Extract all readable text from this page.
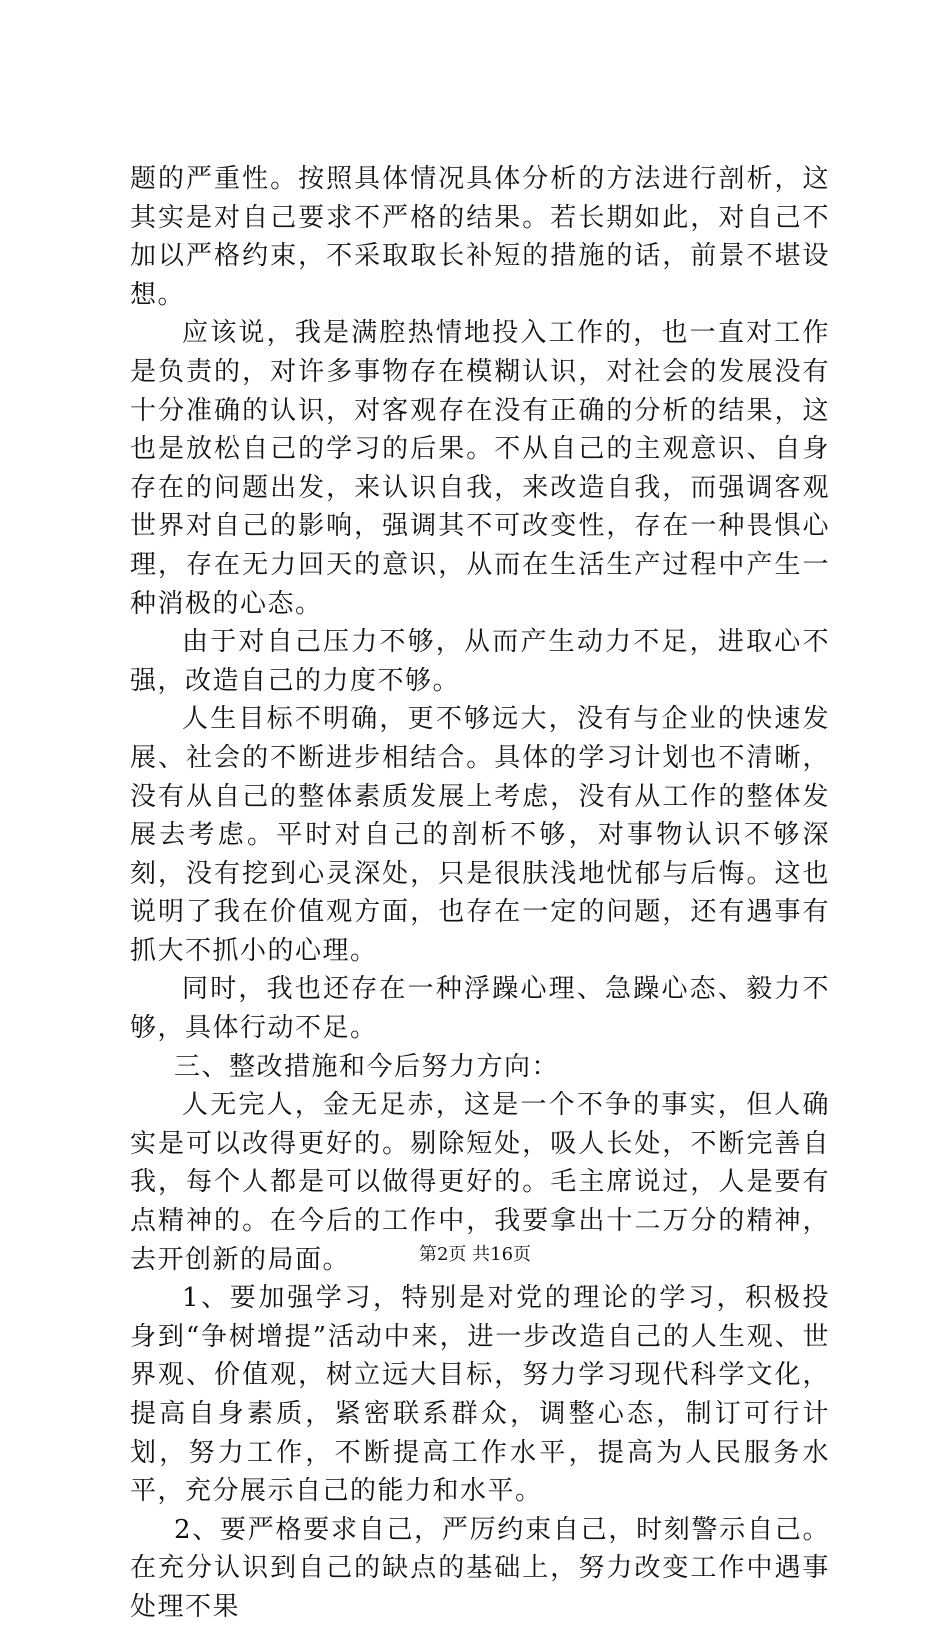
题的严重性。按照具体情况具体分析的方法进行剖析，这其实是对自己要求不严格的结果。若长期如此，对自己不加以严格约束，不采取取长补短的措施的话，前景不堪设想。

应该说，我是满腔热情地投入工作的，也一直对工作是负责的，对许多事物存在模糊认识，对社会的发展没有十分准确的认识，对客观存在没有正确的分析的结果，这也是放松自己的学习的后果。不从自己的主观意识、自身存在的问题出发，来认识自我，来改造自我，而强调客观世界对自己的影响，强调其不可改变性，存在一种畏惧心理，存在无力回天的意识，从而在生活生产过程中产生一种消极的心态。

由于对自己压力不够，从而产生动力不足，进取心不强，改造自己的力度不够。

人生目标不明确，更不够远大，没有与企业的快速发展、社会的不断进步相结合。具体的学习计划也不清晰，没有从自己的整体素质发展上考虑，没有从工作的整体发展去考虑。平时对自己的剖析不够，对事物认识不够深刻，没有挖到心灵深处，只是很肤浅地忧郁与后悔。这也说明了我在价值观方面，也存在一定的问题，还有遇事有抓大不抓小的心理。

同时，我也还存在一种浮躁心理、急躁心态、毅力不够，具体行动不足。

三、整改措施和今后努力方向：

人无完人，金无足赤，这是一个不争的事实，但人确实是可以改得更好的。剔除短处，吸人长处，不断完善自我，每个人都是可以做得更好的。毛主席说过，人是要有点精神的。在今后的工作中，我要拿出十二万分的精神，去开创新的局面。

1、要加强学习，特别是对党的理论的学习，积极投身到“争树增提”活动中来，进一步改造自己的人生观、世界观、价值观，树立远大目标，努力学习现代科学文化，提高自身素质，紧密联系群众，调整心态，制订可行计划，努力工作，不断提高工作水平，提高为人民服务水平，充分展示自己的能力和水平。

2、要严格要求自己，严厉约束自己，时刻警示自己。在充分认识到自己的缺点的基础上，努力改变工作中遇事处理不果

第2页 共16页
